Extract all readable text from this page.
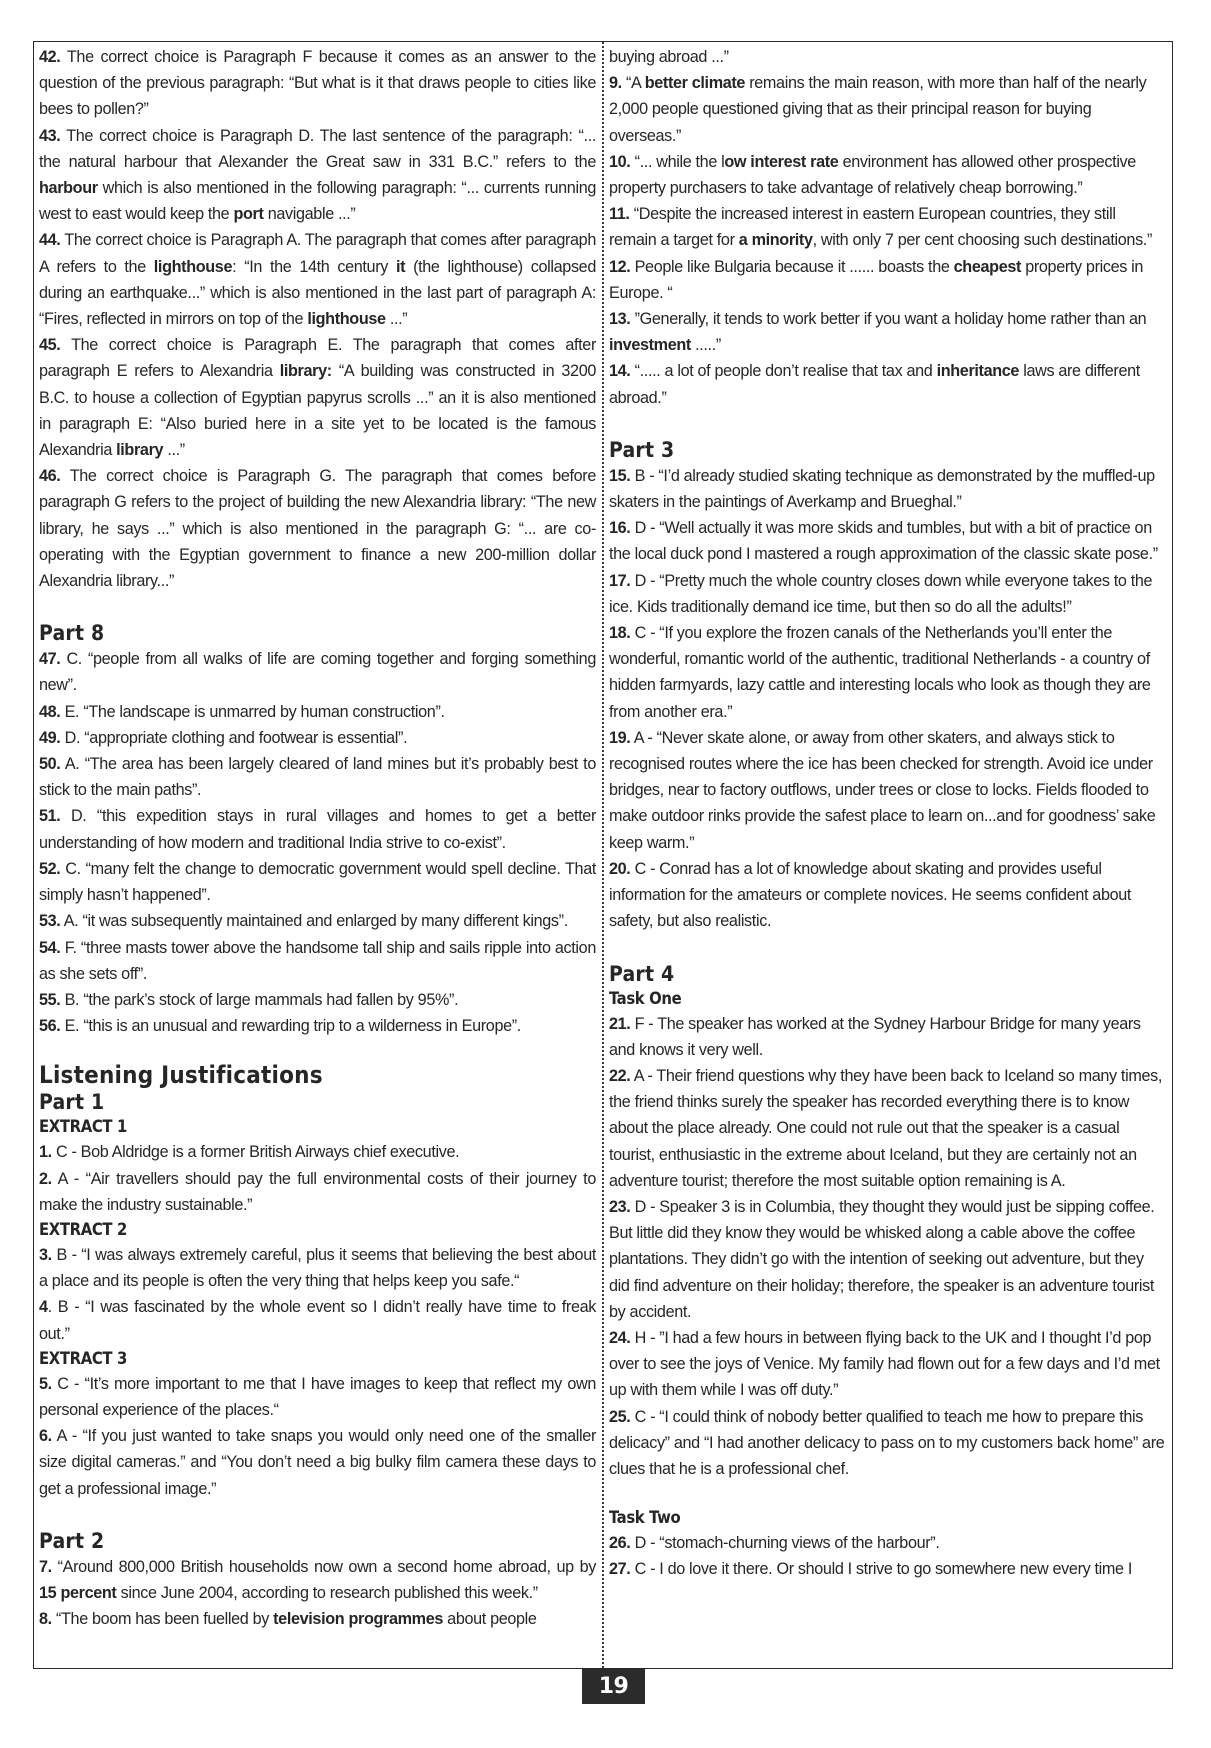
42. The correct choice is Paragraph F because it comes as an answer to the question of the previous paragraph: “But what is it that draws people to cities like bees to pollen?”

43. The correct choice is Paragraph D. The last sentence of the paragraph: “... the natural harbour that Alexander the Great saw in 331 B.C.” refers to the harbour which is also mentioned in the following paragraph: “... currents running west to east would keep the port navigable ...”

44. The correct choice is Paragraph A. The paragraph that comes after paragraph A refers to the lighthouse: “In the 14th century it (the lighthouse) collapsed during an earthquake...” which is also mentioned in the last part of paragraph A: “Fires, reflected in mirrors on top of the lighthouse ...”

45. The correct choice is Paragraph E. The paragraph that comes after paragraph E refers to Alexandria library: “A building was constructed in 3200 B.C. to house a collection of Egyptian papyrus scrolls ...” an it is also mentioned in paragraph E: “Also buried here in a site yet to be located is the famous Alexandria library ...”

46. The correct choice is Paragraph G. The paragraph that comes before paragraph G refers to the project of building the new Alexandria library: “The new library, he says ...” which is also mentioned in the paragraph G: “... are co-operating with the Egyptian government to finance a new 200-million dollar Alexandria library...”

Part 8

47. C. “people from all walks of life are coming together and forging something new”.

48. E. “The landscape is unmarred by human construction”.

49. D. “appropriate clothing and footwear is essential”.

50. A. “The area has been largely cleared of land mines but it’s probably best to stick to the main paths”.

51. D. “this expedition stays in rural villages and homes to get a better understanding of how modern and traditional India strive to co-exist”.

52. C. “many felt the change to democratic government would spell decline. That simply hasn’t happened”.

53. A. “it was subsequently maintained and enlarged by many different kings”.

54. F. “three masts tower above the handsome tall ship and sails ripple into action as she sets off”.

55. B. “the park’s stock of large mammals had fallen by 95%”.

56. E. “this is an unusual and rewarding trip to a wilderness in Europe”.

Listening Justifications
Part 1
EXTRACT 1

1. C - Bob Aldridge is a former British Airways chief executive.

2. A - “Air travellers should pay the full environmental costs of their journey to make the industry sustainable.”

EXTRACT 2

3. B - “I was always extremely careful, plus it seems that believing the best about a place and its people is often the very thing that helps keep you safe.“

4. B - “I was fascinated by the whole event so I didn’t really have time to freak out.”

EXTRACT 3

5. C - “It’s more important to me that I have images to keep that reflect my own personal experience of the places.“

6. A - “If you just wanted to take snaps you would only need one of the smaller size digital cameras.” and “You don’t need a big bulky film camera these days to get a professional image.”

Part 2

7. “Around 800,000 British households now own a second home abroad, up by 15 percent since June 2004, according to research published this week.”

8. “The boom has been fuelled by television programmes about people

buying abroad ...”

9. “A better climate remains the main reason, with more than half of the nearly 2,000 people questioned giving that as their principal reason for buying overseas.”

10. “... while the low interest rate environment has allowed other prospective property purchasers to take advantage of relatively cheap borrowing.”

11. “Despite the increased interest in eastern European countries, they still remain a target for a minority, with only 7 per cent choosing such destinations.”

12. People like Bulgaria because it ...... boasts the cheapest property prices in Europe. “

13. ”Generally, it tends to work better if you want a holiday home rather than an investment .....”

14. “..... a lot of people don’t realise that tax and inheritance laws are different abroad.”

Part 3

15. B - “I’d already studied skating technique as demonstrated by the muffled-up skaters in the paintings of Averkamp and Brueghal.”

16. D - “Well actually it was more skids and tumbles, but with a bit of practice on the local duck pond I mastered a rough approximation of the classic skate pose.”

17. D - “Pretty much the whole country closes down while everyone takes to the ice. Kids traditionally demand ice time, but then so do all the adults!”

18. C - “If you explore the frozen canals of the Netherlands you’ll enter the wonderful, romantic world of the authentic, traditional Netherlands - a country of hidden farmyards, lazy cattle and interesting locals who look as though they are from another era.”

19. A - “Never skate alone, or away from other skaters, and always stick to recognised routes where the ice has been checked for strength. Avoid ice under bridges, near to factory outflows, under trees or close to locks. Fields flooded to make outdoor rinks provide the safest place to learn on...and for goodness’ sake keep warm.”

20. C - Conrad has a lot of knowledge about skating and provides useful information for the amateurs or complete novices. He seems confident about safety, but also realistic.

Part 4
Task One

21. F - The speaker has worked at the Sydney Harbour Bridge for many years and knows it very well.

22. A - Their friend questions why they have been back to Iceland so many times, the friend thinks surely the speaker has recorded everything there is to know about the place already. One could not rule out that the speaker is a casual tourist, enthusiastic in the extreme about Iceland, but they are certainly not an adventure tourist; therefore the most suitable option remaining is A.

23. D - Speaker 3 is in Columbia, they thought they would just be sipping coffee. But little did they know they would be whisked along a cable above the coffee plantations. They didn’t go with the intention of seeking out adventure, but they did find adventure on their holiday; therefore, the speaker is an adventure tourist by accident.

24. H - ”I had a few hours in between flying back to the UK and I thought I’d pop over to see the joys of Venice. My family had flown out for a few days and I’d met up with them while I was off duty.”

25. C - “I could think of nobody better qualified to teach me how to prepare this delicacy” and “I had another delicacy to pass on to my customers back home” are clues that he is a professional chef.

Task Two

26. D - “stomach-churning views of the harbour”.

27. C - I do love it there. Or should I strive to go somewhere new every time I

19
